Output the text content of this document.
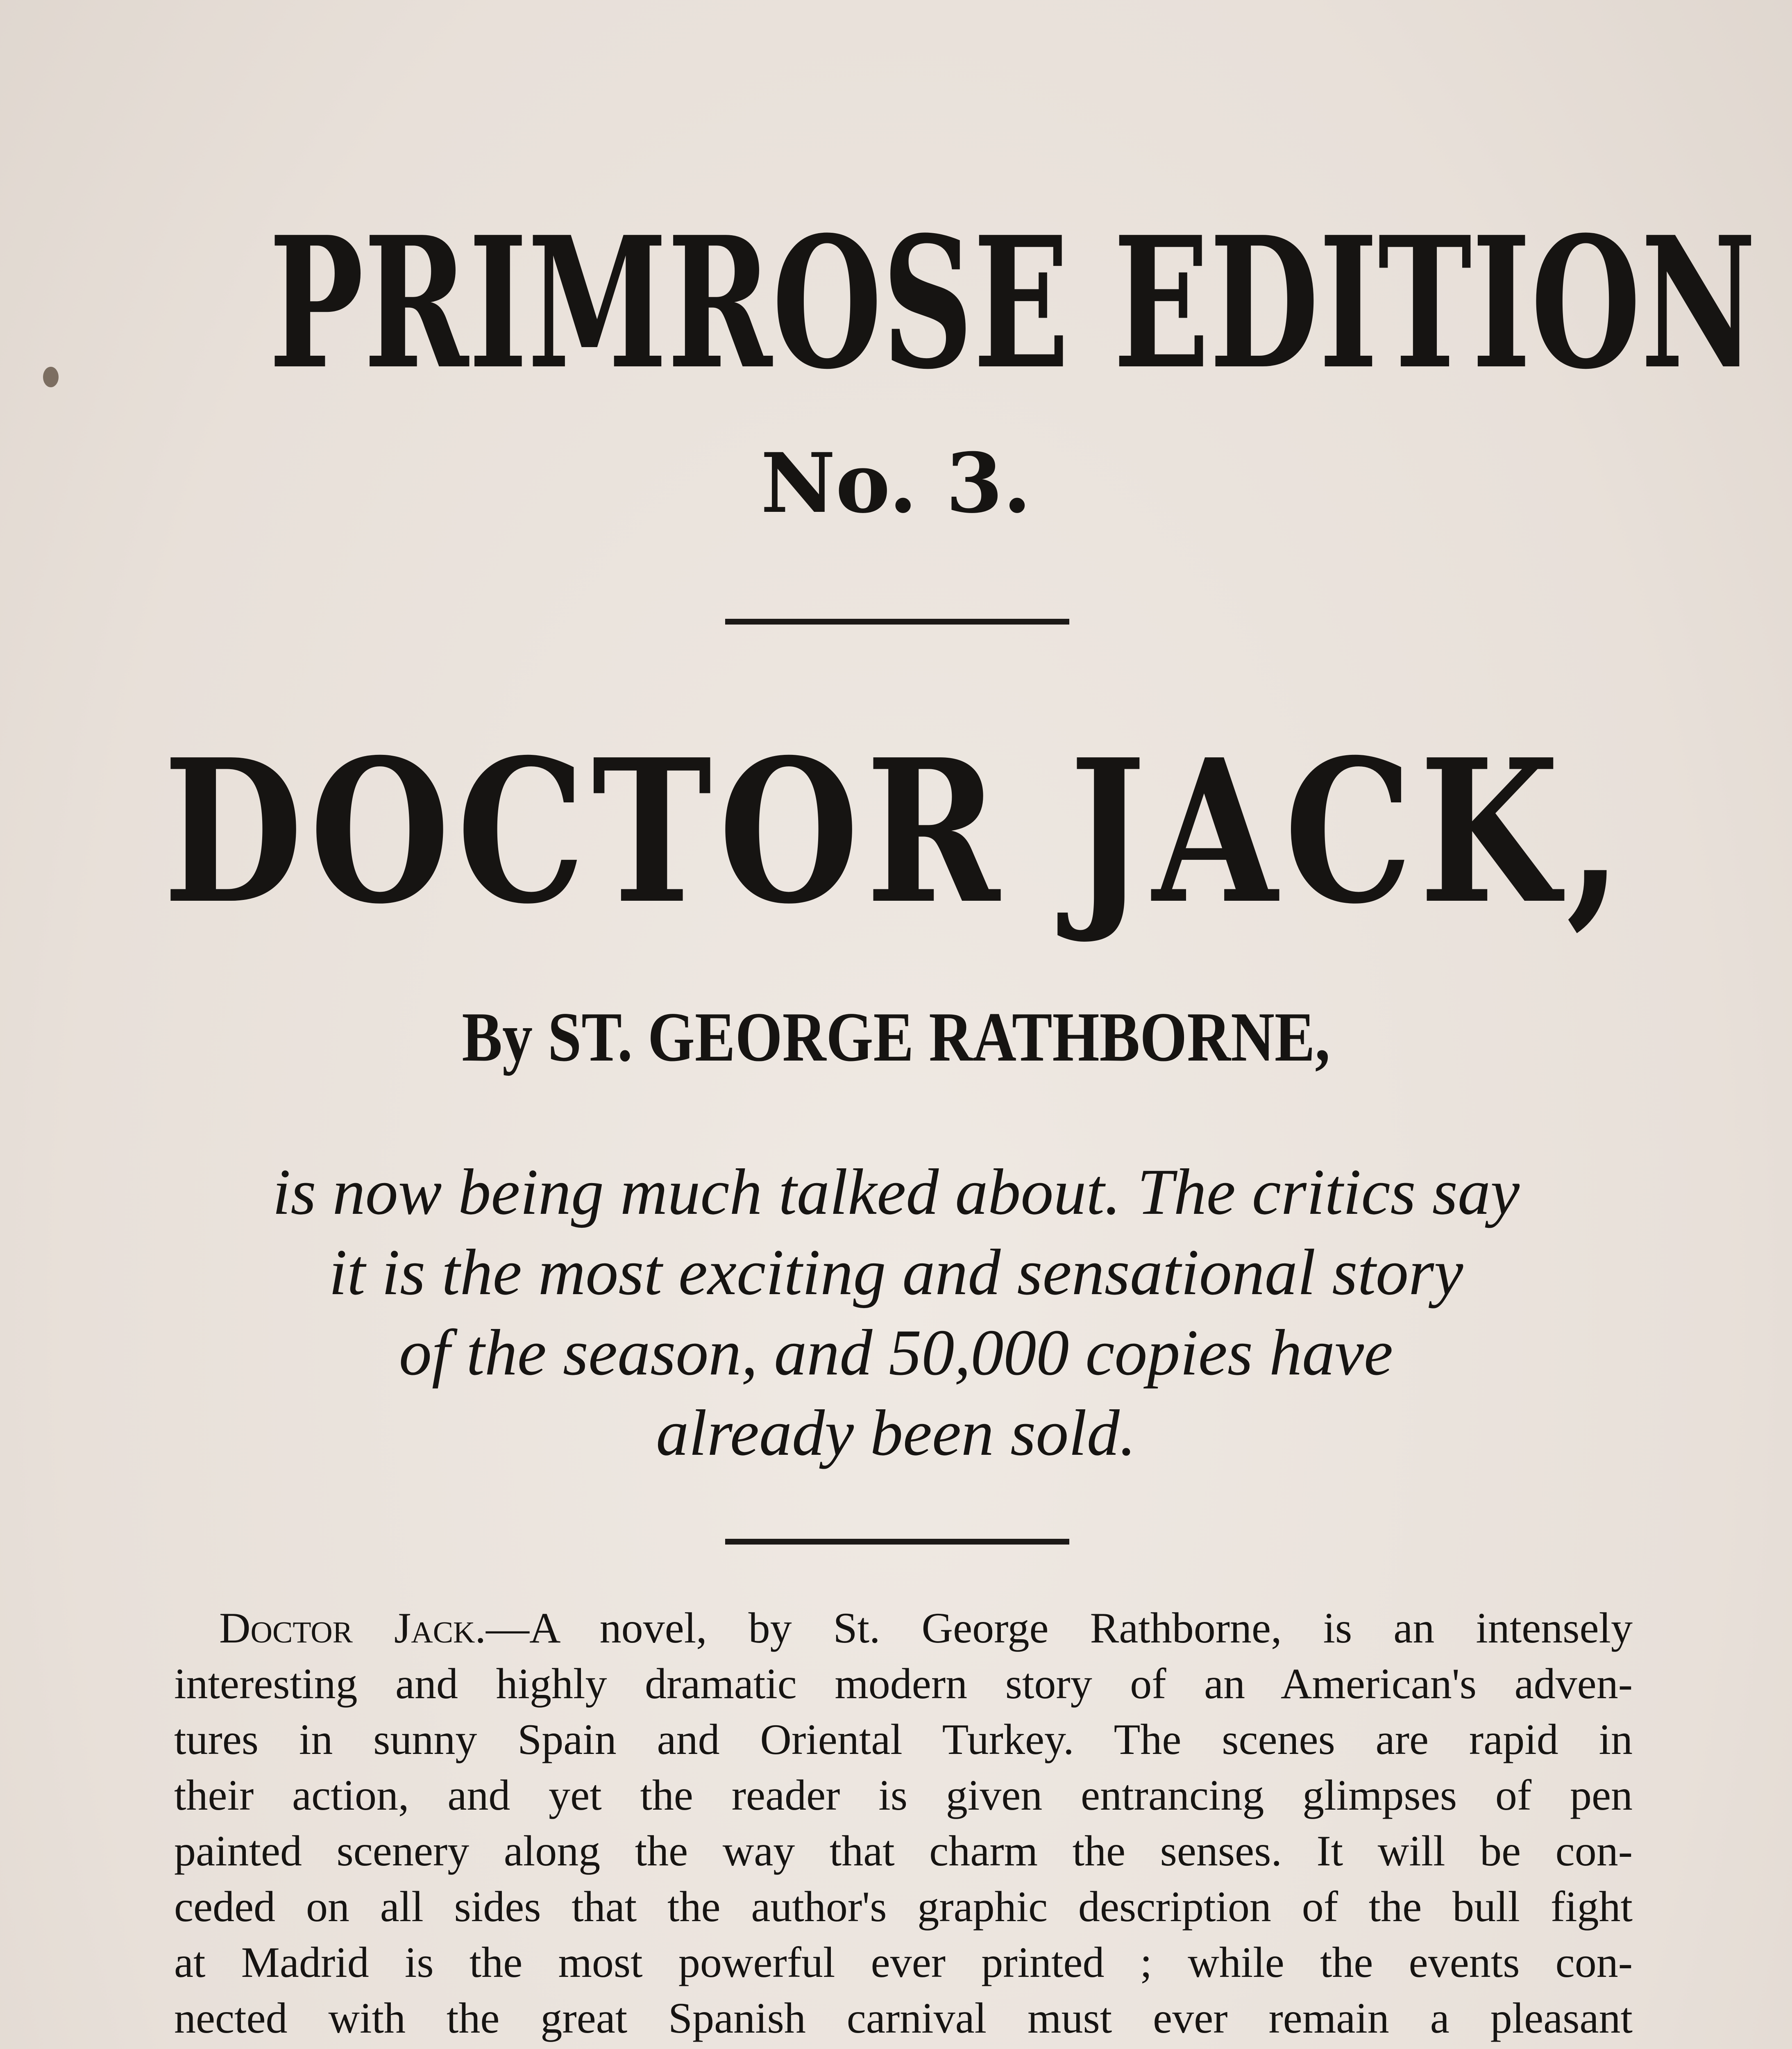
PRIMROSE EDITION
No. 3.
DOCTOR JACK,
By ST. GEORGE RATHBORNE,
is now being much talked about. The critics say
it is the most exciting and sensational story
of the season, and 50,000 copies have
already been sold.
Doctor Jack.—A novel, by St. George Rathborne, is an intensely
interesting and highly dramatic modern story of an American's adven-
tures in sunny Spain and Oriental Turkey. The scenes are rapid in
their action, and yet the reader is given entrancing glimpses of pen
painted scenery along the way that charm the senses. It will be con-
ceded on all sides that the author's graphic description of the bull fight
at Madrid is the most powerful ever printed ; while the events con-
nected with the great Spanish carnival must ever remain a pleasant
